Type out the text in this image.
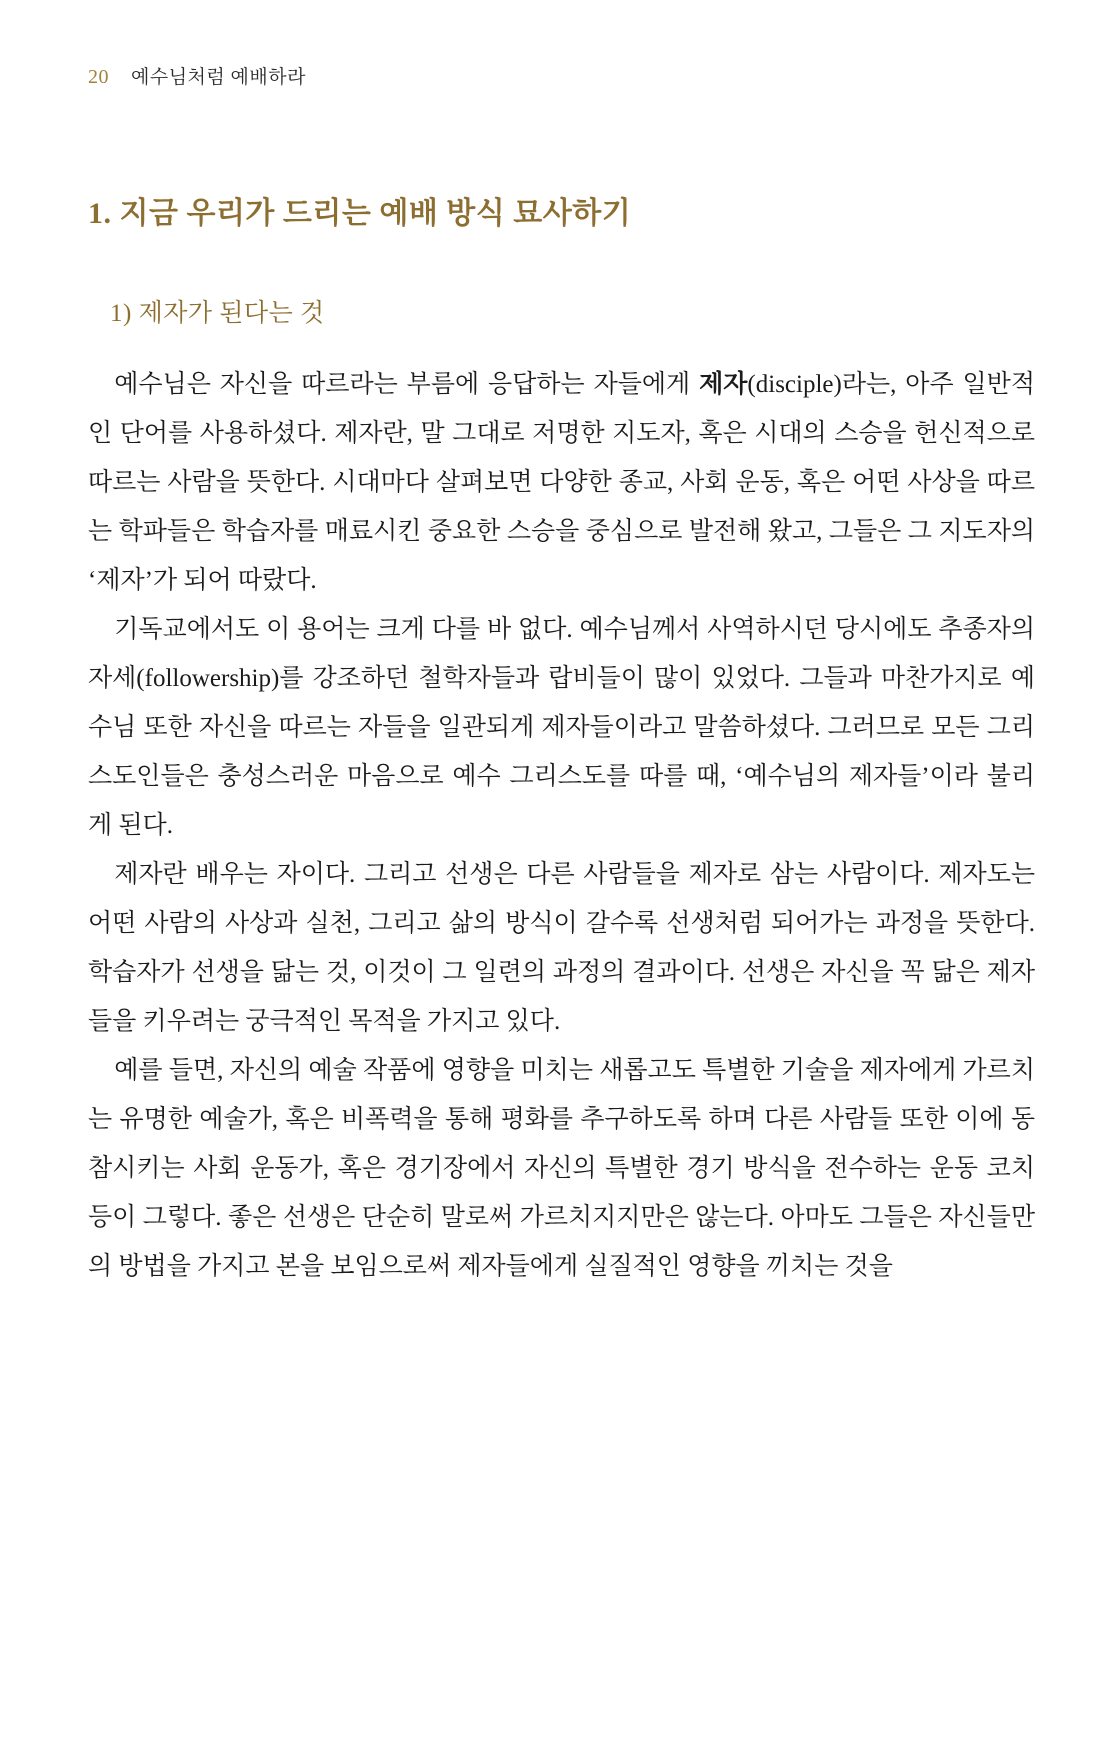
20 예수님처럼 예배하라
1. 지금 우리가 드리는 예배 방식 묘사하기
1) 제자가 된다는 것

예수님은 자신을 따르라는 부름에 응답하는 자들에게 제자(disciple)라는, 아주 일반적인 단어를 사용하셨다. 제자란, 말 그대로 저명한 지도자, 혹은 시대의 스승을 헌신적으로 따르는 사람을 뜻한다. 시대마다 살펴보면 다양한 종교, 사회 운동, 혹은 어떤 사상을 따르는 학파들은 학습자를 매료시킨 중요한 스승을 중심으로 발전해 왔고, 그들은 그 지도자의 ‘제자’가 되어 따랐다.

기독교에서도 이 용어는 크게 다를 바 없다. 예수님께서 사역하시던 당시에도 추종자의 자세(followership)를 강조하던 철학자들과 랍비들이 많이 있었다. 그들과 마찬가지로 예수님 또한 자신을 따르는 자들을 일관되게 제자들이라고 말씀하셨다. 그러므로 모든 그리스도인들은 충성스러운 마음으로 예수 그리스도를 따를 때, ‘예수님의 제자들’이라 불리게 된다.

제자란 배우는 자이다. 그리고 선생은 다른 사람들을 제자로 삼는 사람이다. 제자도는 어떤 사람의 사상과 실천, 그리고 삶의 방식이 갈수록 선생처럼 되어가는 과정을 뜻한다. 학습자가 선생을 닮는 것, 이것이 그 일련의 과정의 결과이다. 선생은 자신을 꼭 닮은 제자들을 키우려는 궁극적인 목적을 가지고 있다.

예를 들면, 자신의 예술 작품에 영향을 미치는 새롭고도 특별한 기술을 제자에게 가르치는 유명한 예술가, 혹은 비폭력을 통해 평화를 추구하도록 하며 다른 사람들 또한 이에 동참시키는 사회 운동가, 혹은 경기장에서 자신의 특별한 경기 방식을 전수하는 운동 코치 등이 그렇다. 좋은 선생은 단순히 말로써 가르치지지만은 않는다. 아마도 그들은 자신들만의 방법을 가지고 본을 보임으로써 제자들에게 실질적인 영향을 끼치는 것을
